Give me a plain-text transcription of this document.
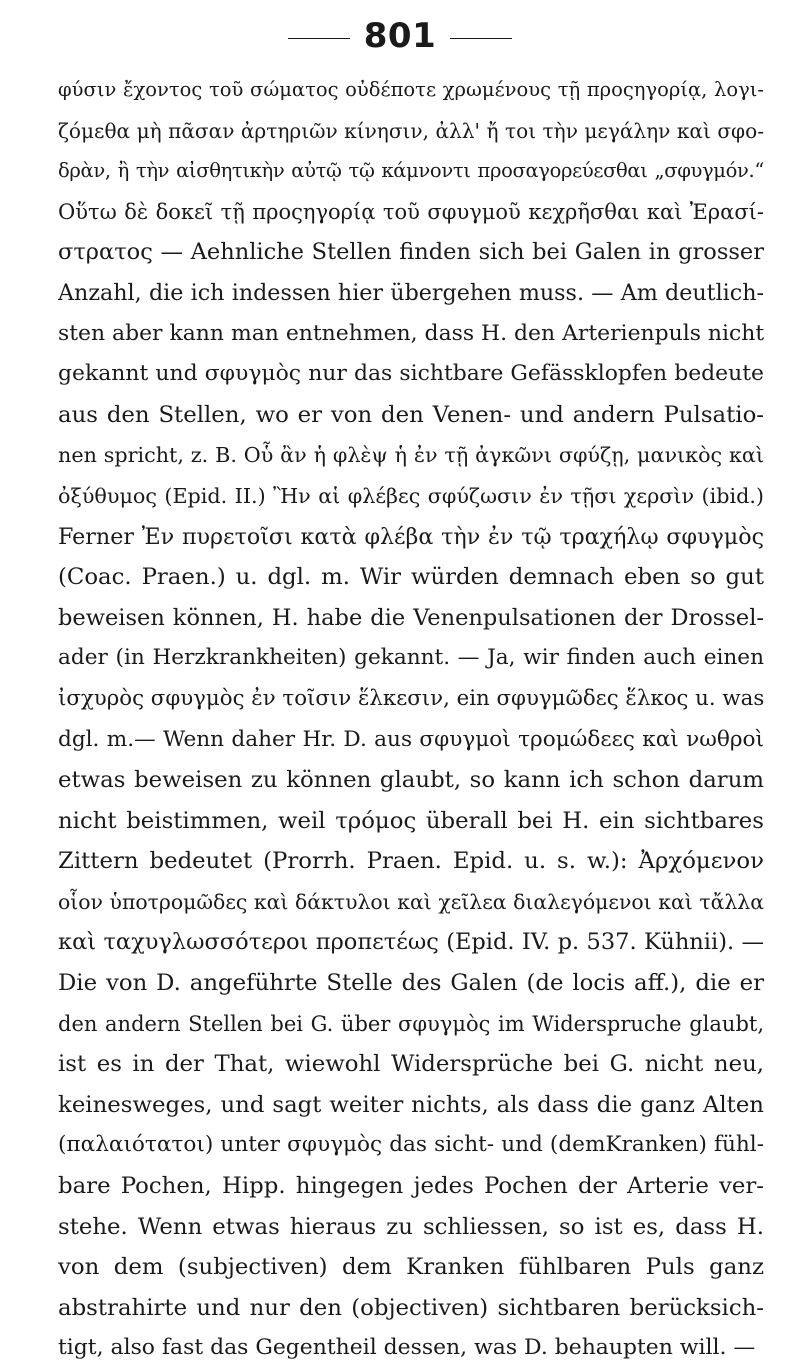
801
φύσιν ἔχοντος τοῦ σώματος οὐδέποτε χρωμένους τῇ προςηγορίᾳ, λογι-
ζόμεθα μὴ πᾶσαν ἀρτηριῶν κίνησιν, ἀλλ' ἤ τοι τὴν μεγάλην καὶ σφο-
δρὰν, ἢ τὴν αἰσθητικὴν αὐτῷ τῷ κάμνοντι προσαγορεύεσθαι „σφυγμόν.“
Οὕτω δὲ δοκεῖ τῇ προςηγορίᾳ τοῦ σφυγμοῦ κεχρῆσθαι καὶ Ἐρασί-
στρατος — Aehnliche Stellen finden sich bei Galen in grosser
Anzahl, die ich indessen hier übergehen muss. — Am deutlich-
sten aber kann man entnehmen, dass H. den Arterienpuls nicht
gekannt und σφυγμὸς nur das sichtbare Gefässklopfen bedeute
aus den Stellen, wo er von den Venen- und andern Pulsatio-
nen spricht, z. B. Οὗ ἂν ἡ φλὲψ ἡ ἐν τῇ ἀγκῶνι σφύζῃ, μανικὸς καὶ
ὀξύθυμος (Epid. II.) Ἢν αἱ φλέβες σφύζωσιν ἐν τῇσι χερσὶν (ibid.)
Ferner Ἐν πυρετοῖσι κατὰ φλέβα τὴν ἐν τῷ τραχήλῳ σφυγμὸς
(Coac. Praen.) u. dgl. m. Wir würden demnach eben so gut
beweisen können, H. habe die Venenpulsationen der Drossel-
ader (in Herzkrankheiten) gekannt. — Ja, wir finden auch einen
ἰσχυρὸς σφυγμὸς ἐν τοῖσιν ἕλκεσιν, ein σφυγμῶδες ἕλκος u. was
dgl. m.— Wenn daher Hr. D. aus σφυγμοὶ τρομώδεες καὶ νωθροὶ
etwas beweisen zu können glaubt, so kann ich schon darum
nicht beistimmen, weil τρόμος überall bei H. ein sichtbares
Zittern bedeutet (Prorrh. Praen. Epid. u. s. w.): Ἀρχόμενον
οἷον ὑποτρομῶδες καὶ δάκτυλοι καὶ χεῖλεα διαλεγόμενοι καὶ τἄλλα
καὶ ταχυγλωσσότεροι προπετέως (Epid. IV. p. 537. Kühnii). —
Die von D. angeführte Stelle des Galen (de locis aff.), die er
den andern Stellen bei G. über σφυγμὸς im Widerspruche glaubt,
ist es in der That, wiewohl Widersprüche bei G. nicht neu,
keinesweges, und sagt weiter nichts, als dass die ganz Alten
(παλαιότατοι) unter σφυγμὸς das sicht- und (demKranken) fühl-
bare Pochen, Hipp. hingegen jedes Pochen der Arterie ver-
stehe. Wenn etwas hieraus zu schliessen, so ist es, dass H.
von dem (subjectiven) dem Kranken fühlbaren Puls ganz
abstrahirte und nur den (objectiven) sichtbaren berücksich-
tigt, also fast das Gegentheil dessen, was D. behaupten will. —
